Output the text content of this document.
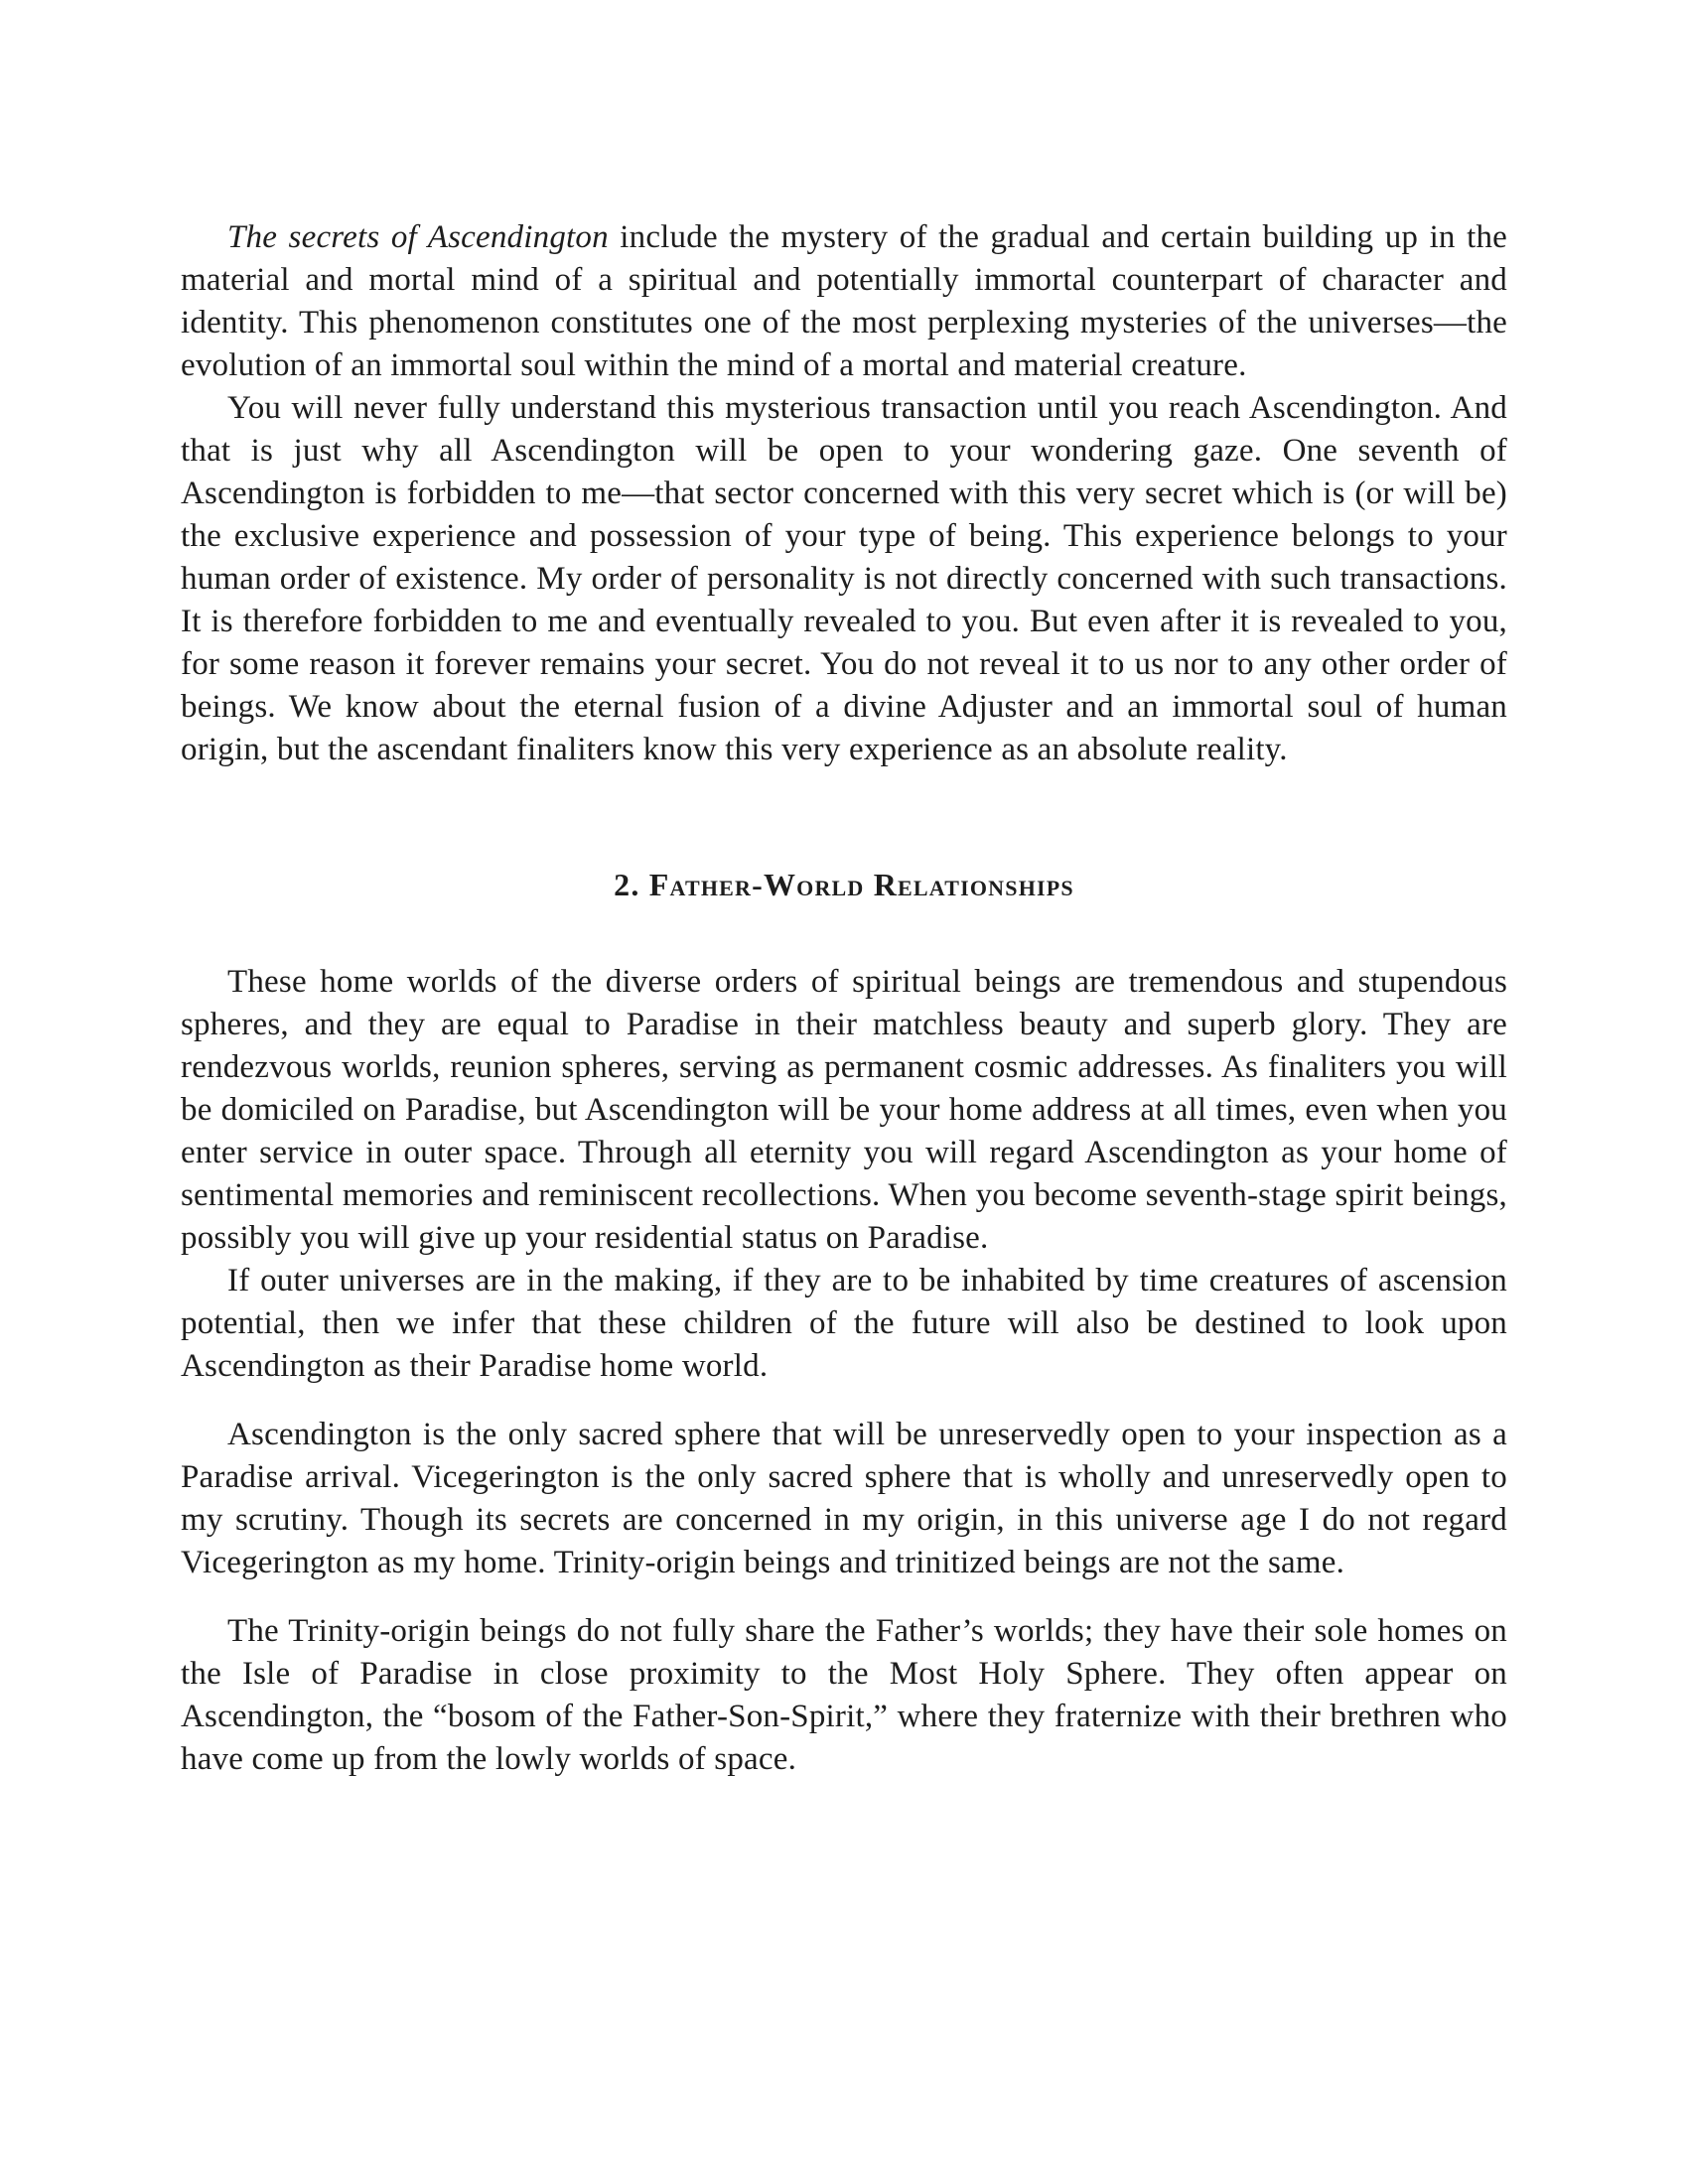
The secrets of Ascendington include the mystery of the gradual and certain building up in the material and mortal mind of a spiritual and potentially immortal counterpart of character and identity. This phenomenon constitutes one of the most perplexing mysteries of the universes—the evolution of an immortal soul within the mind of a mortal and material creature.

You will never fully understand this mysterious transaction until you reach Ascendington. And that is just why all Ascendington will be open to your wondering gaze. One seventh of Ascendington is forbidden to me—that sector concerned with this very secret which is (or will be) the exclusive experience and possession of your type of being. This experience belongs to your human order of existence. My order of personality is not directly concerned with such transactions. It is therefore forbidden to me and eventually revealed to you. But even after it is revealed to you, for some reason it forever remains your secret. You do not reveal it to us nor to any other order of beings. We know about the eternal fusion of a divine Adjuster and an immortal soul of human origin, but the ascendant finaliters know this very experience as an absolute reality.

2. Father-World Relationships

These home worlds of the diverse orders of spiritual beings are tremendous and stupendous spheres, and they are equal to Paradise in their matchless beauty and superb glory. They are rendezvous worlds, reunion spheres, serving as permanent cosmic addresses. As finaliters you will be domiciled on Paradise, but Ascendington will be your home address at all times, even when you enter service in outer space. Through all eternity you will regard Ascendington as your home of sentimental memories and reminiscent recollections. When you become seventh-stage spirit beings, possibly you will give up your residential status on Paradise.

If outer universes are in the making, if they are to be inhabited by time creatures of ascension potential, then we infer that these children of the future will also be destined to look upon Ascendington as their Paradise home world.

Ascendington is the only sacred sphere that will be unreservedly open to your inspection as a Paradise arrival. Vicegerington is the only sacred sphere that is wholly and unreservedly open to my scrutiny. Though its secrets are concerned in my origin, in this universe age I do not regard Vicegerington as my home. Trinity-origin beings and trinitized beings are not the same.

The Trinity-origin beings do not fully share the Father’s worlds; they have their sole homes on the Isle of Paradise in close proximity to the Most Holy Sphere. They often appear on Ascendington, the “bosom of the Father-Son-Spirit,” where they fraternize with their brethren who have come up from the lowly worlds of space.
